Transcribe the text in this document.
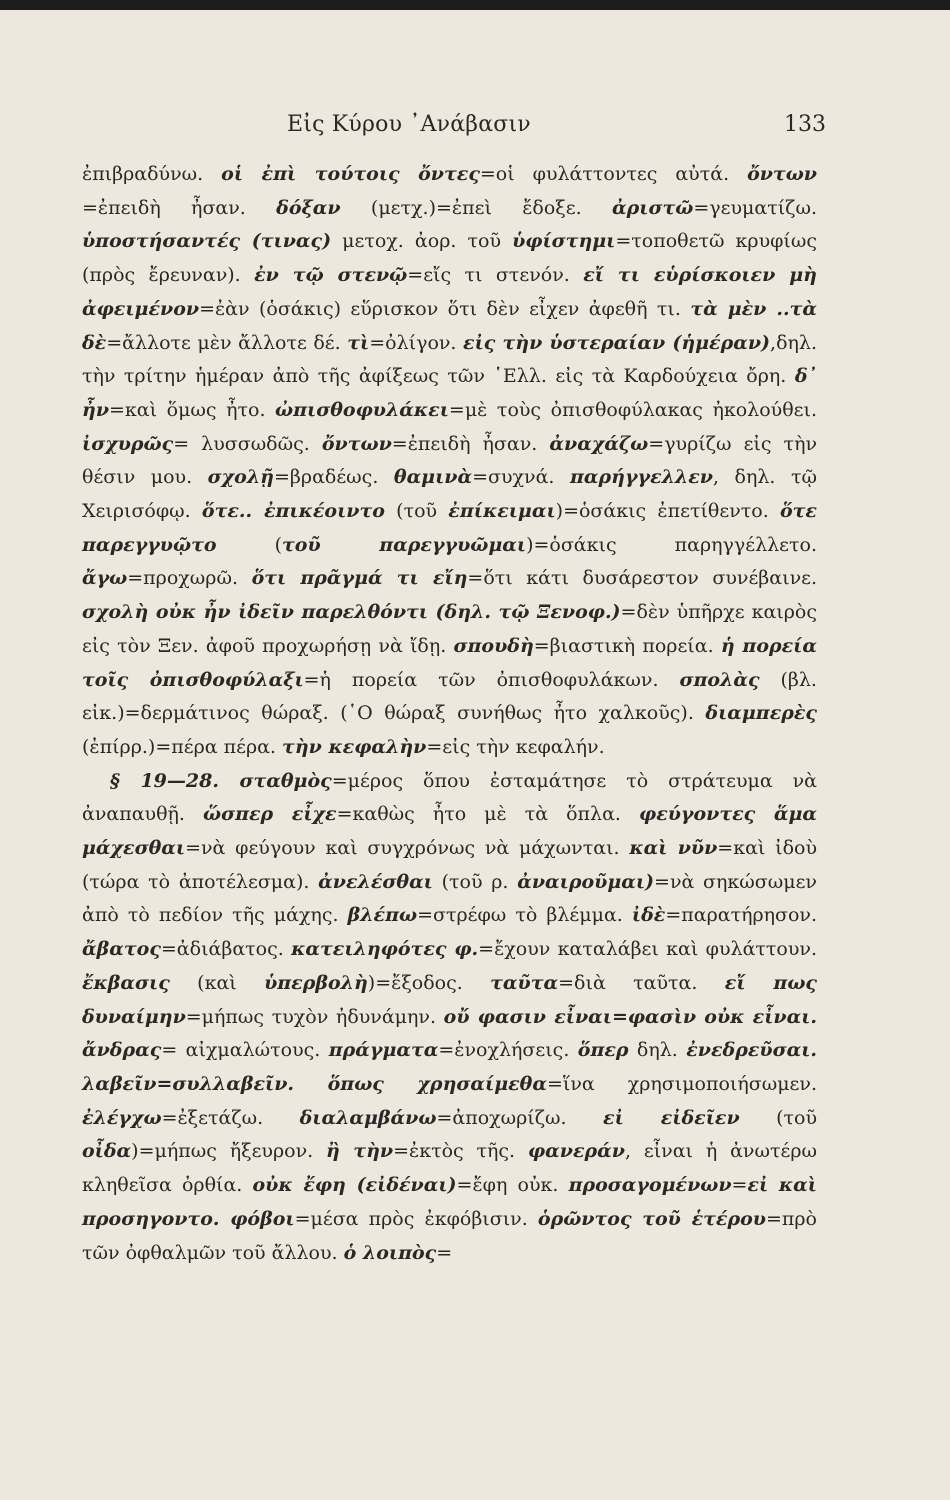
Εἰς Κύρου ᾽Ανάβασιν	133

ἐπιβραδύνω. οἱ ἐπὶ τούτοις ὄντες=οἱ φυλάττοντες αὐτά. ὄντων =ἐπειδὴ ἦσαν. δόξαν (μετχ.)=ἐπεὶ ἔδοξε. ἀριστῶ=γευματίζω. ὑποστήσαντές (τινας) μετοχ. ἀορ. τοῦ ὑφίστημι=τοποθετῶ κρυφίως (πρὸς ἔρευναν). ἐν τῷ στενῷ=εἴς τι στενόν. εἴ τι εὑρίσκοιεν μὴ ἀφειμένον=ἐὰν (ὁσάκις) εὕρισκον ὅτι δὲν εἶχεν ἀφεθῆ τι. τὰ μὲν ..τὰ δὲ=ἄλλοτε μὲν ἄλλοτε δέ. τὶ=ὀλίγον. εἰς τὴν ὑστεραίαν (ἡμέραν),δηλ. τὴν τρίτην ἡμέραν ἀπὸ τῆς ἀφίξεως τῶν ῾Ελλ. εἰς τὰ Καρδούχεια ὄρη. δ᾽ ἦν=καὶ ὅμως ἦτο. ὠπισθοφυλάκει=μὲ τοὺς ὀπισθοφύλακας ἠκολούθει. ἰσχυρῶς= λυσσωδῶς. ὄντων=ἐπειδὴ ἦσαν. ἀναχάζω=γυρίζω εἰς τὴν θέσιν μου. σχολῇ=βραδέως. θαμινὰ=συχνά. παρήγγελλεν, δηλ. τῷ Χειρισόφῳ. ὅτε.. ἐπικέοιντο (τοῦ ἐπίκειμαι)=ὁσάκις ἐπετίθεντο. ὅτε παρεγγυῷτο (τοῦ παρεγγυῶμαι)=ὁσάκις παρηγγέλλετο. ἄγω=προχωρῶ. ὅτι πρᾶγμά τι εἴη=ὅτι κάτι δυσάρεστον συνέβαινε. σχολὴ οὐκ ἦν ἰδεῖν παρελθόντι (δηλ. τῷ Ξενοφ.)=δὲν ὑπῆρχε καιρὸς εἰς τὸν Ξεν. ἀφοῦ προχωρήσῃ νὰ ἴδῃ. σπουδὴ=βιαστικὴ πορεία. ἡ πορεία τοῖς ὀπισθοφύλαξι=ἡ πορεία τῶν ὀπισθοφυλάκων. σπολὰς (βλ. εἰκ.)=δερμάτινος θώραξ. (῾Ο θώραξ συνήθως ἦτο χαλκοῦς). διαμπερὲς (ἐπίρρ.)=πέρα πέρα. τὴν κεφαλὴν=εἰς τὴν κεφαλήν.

§ 19—28. σταθμὸς=μέρος ὅπου ἐσταμάτησε τὸ στράτευμα νὰ ἀναπαυθῇ. ὥσπερ εἶχε=καθὼς ἦτο μὲ τὰ ὅπλα. φεύγοντες ἅμα μάχεσθαι=νὰ φεύγουν καὶ συγχρόνως νὰ μάχωνται. καὶ νῦν=καὶ ἰδοὺ (τώρα τὸ ἀποτέλεσμα). ἀνελέσθαι (τοῦ ρ. ἀναιροῦμαι)=νὰ σηκώσωμεν ἀπὸ τὸ πεδίον τῆς μάχης. βλέπω=στρέφω τὸ βλέμμα. ἰδὲ=παρατήρησον. ἄβατος=ἀδιάβατος. κατειληφότες φ.=ἔχουν καταλάβει καὶ φυλάττουν. ἔκβασις (καὶ ὑπερβολὴ)=ἔξοδος. ταῦτα=διὰ ταῦτα. εἴ πως δυναίμην=μήπως τυχὸν ἠδυνάμην. οὔ φασιν εἶναι=φασὶν οὐκ εἶναι. ἄνδρας= αἰχμαλώτους. πράγματα=ἐνοχλήσεις. ὅπερ δηλ. ἐνεδρεῦσαι. λαβεῖν=συλλαβεῖν. ὅπως χρησαίμεθα=ἵνα χρησιμοποιήσωμεν. ἐλέγχω=ἐξετάζω. διαλαμβάνω=ἀποχωρίζω. εἰ εἰδεῖεν (τοῦ οἶδα)=μήπως ἤξευρον. ἢ τὴν=ἐκτὸς τῆς. φανεράν, εἶναι ἡ ἀνωτέρω κληθεῖσα ὀρθία. οὐκ ἔφη (εἰδέναι)=ἔφη οὐκ. προσαγομένων=εἰ καὶ προσηγοντο. φόβοι=μέσα πρὸς ἐκφόβισιν. ὁρῶντος τοῦ ἑτέρου=πρὸ τῶν ὀφθαλμῶν τοῦ ἄλλου. ὁ λοιπὸς=
